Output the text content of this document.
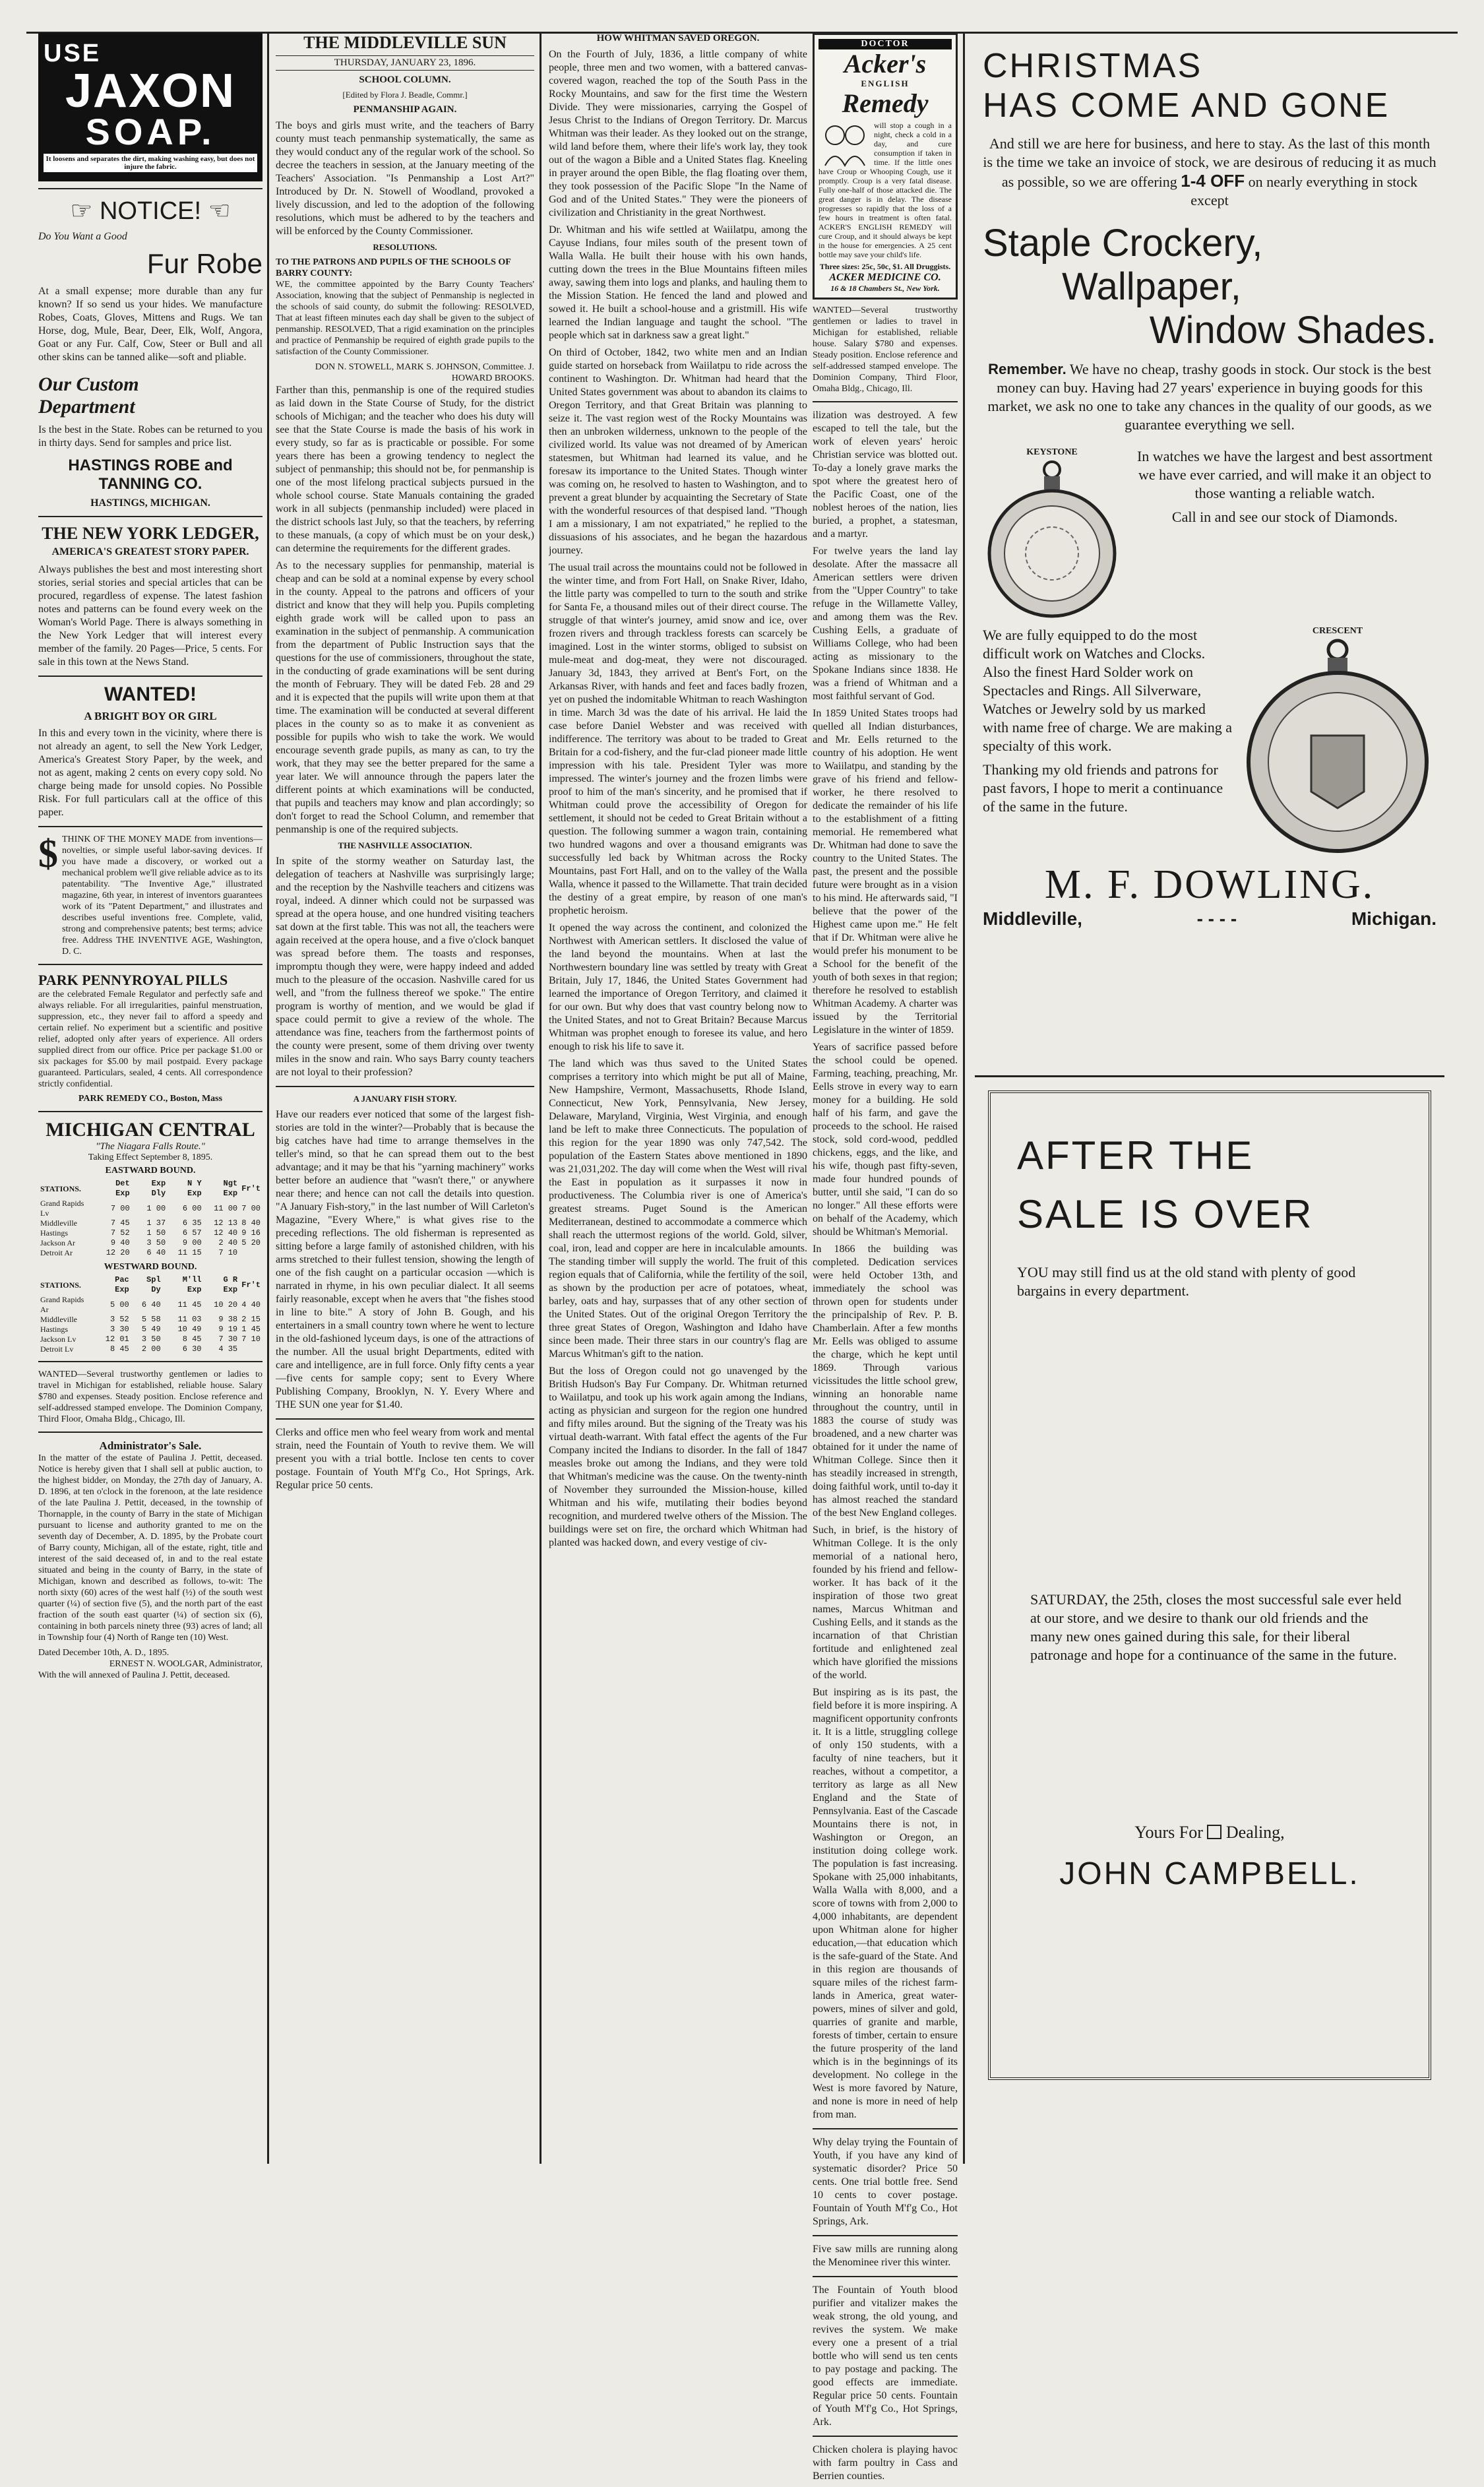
USE
JAXON
SOAP.
It loosens and separates the dirt, making washing easy, but does not injure the fabric.
☞ NOTICE! ☜
Do You Want a Good
Fur Robe

At a small expense; more durable than any fur known? If so send us your hides. We manufacture Robes, Coats, Gloves, Mittens and Rugs. We tan Horse, dog, Mule, Bear, Deer, Elk, Wolf, Angora, Goat or any Fur. Calf, Cow, Steer or Bull and all other skins can be tanned alike—soft and pliable.

Our Custom
Department

Is the best in the State. Robes can be returned to you in thirty days. Send for samples and price list.

HASTINGS ROBE and TANNING CO.
HASTINGS, MICHIGAN.
THE NEW YORK LEDGER,
AMERICA'S GREATEST STORY PAPER.

Always publishes the best and most interesting short stories, serial stories and special articles that can be procured, regardless of expense. The latest fashion notes and patterns can be found every week on the Woman's World Page. There is always something in the New York Ledger that will interest every member of the family. 20 Pages—Price, 5 cents. For sale in this town at the News Stand.

WANTED!
A BRIGHT BOY OR GIRL

In this and every town in the vicinity, where there is not already an agent, to sell the New York Ledger, America's Greatest Story Paper, by the week, and not as agent, making 2 cents on every copy sold. No charge being made for unsold copies. No Possible Risk. For full particulars call at the office of this paper.

$ THINK OF THE MONEY MADE from inventions—novelties, or simple useful labor-saving devices. If you have made a discovery, or worked out a mechanical problem we'll give reliable advice as to its patentability. "The Inventive Age," illustrated magazine, 6th year, in interest of inventors guarantees work of its "Patent Department," and illustrates and describes useful inventions free. Complete, valid, strong and comprehensive patents; best terms; advice free. Address THE INVENTIVE AGE, Washington, D. C.

PARK PENNYROYAL PILLS

are the celebrated Female Regulator and perfectly safe and always reliable. For all irregularities, painful menstruation, suppression, etc., they never fail to afford a speedy and certain relief. No experiment but a scientific and positive relief, adopted only after years of experience. All orders supplied direct from our office. Price per package $1.00 or six packages for $5.00 by mail postpaid. Every package guaranteed. Particulars, sealed, 4 cents. All correspondence strictly confidential.

PARK REMEDY CO., Boston, Mass
MICHIGAN CENTRAL
"The Niagara Falls Route."
Taking Effect September 8, 1895.
EASTWARD BOUND.
STATIONS.	Det Exp	Exp Dly	N Y Exp	Ngt Exp	Fr't
Grand Rapids Lv	7 00	1 00	6 00	11 00	7 00
Middleville	7 45	1 37	6 35	12 13	8 40
Hastings	7 52	1 50	6 57	12 40	9 16
Jackson Ar	9 40	3 50	9 00	2 40	5 20
Detroit Ar	12 20	6 40	11 15	7 10	
WESTWARD BOUND.
STATIONS.	Pac Exp	Spl Dy	M'll Exp	G R Exp	Fr't
Grand Rapids Ar	5 00	6 40	11 45	10 20	4 40
Middleville	3 52	5 58	11 03	9 38	2 15
Hastings	3 30	5 49	10 49	9 19	1 45
Jackson Lv	12 01	3 50	8 45	7 30	7 10
Detroit Lv	8 45	2 00	6 30	4 35	

WANTED—Several trustworthy gentlemen or ladies to travel in Michigan for established, reliable house. Salary $780 and expenses. Steady position. Enclose reference and self-addressed stamped envelope. The Dominion Company, Third Floor, Omaha Bldg., Chicago, Ill.

Administrator's Sale.

In the matter of the estate of Paulina J. Pettit, deceased. Notice is hereby given that I shall sell at public auction, to the highest bidder, on Monday, the 27th day of January, A. D. 1896, at ten o'clock in the forenoon, at the late residence of the late Paulina J. Pettit, deceased, in the township of Thornapple, in the county of Barry in the state of Michigan pursuant to license and authority granted to me on the seventh day of December, A. D. 1895, by the Probate court of Barry county, Michigan, all of the estate, right, title and interest of the said deceased of, in and to the real estate situated and being in the county of Barry, in the state of Michigan, known and described as follows, to-wit: The north sixty (60) acres of the west half (½) of the south west quarter (¼) of section five (5), and the north part of the east fraction of the south east quarter (¼) of section six (6), containing in both parcels ninety three (93) acres of land; all in Township four (4) North of Range ten (10) West.

Dated December 10th, A. D., 1895.
ERNEST N. WOOLGAR, Administrator,
With the will annexed of Paulina J. Pettit, deceased.
THE MIDDLEVILLE SUN
THURSDAY, JANUARY 23, 1896.
SCHOOL COLUMN.
[Edited by Flora J. Beadle, Commr.]
PENMANSHIP AGAIN.

The boys and girls must write, and the teachers of Barry county must teach penmanship systematically, the same as they would conduct any of the regular work of the school. So decree the teachers in session, at the January meeting of the Teachers' Association. "Is Penmanship a Lost Art?" Introduced by Dr. N. Stowell of Woodland, provoked a lively discussion, and led to the adoption of the following resolutions, which must be adhered to by the teachers and will be enforced by the County Commissioner.

RESOLUTIONS.
TO THE PATRONS AND PUPILS OF THE SCHOOLS OF BARRY COUNTY:

WE, the committee appointed by the Barry County Teachers' Association, knowing that the subject of Penmanship is neglected in the schools of said county, do submit the following: RESOLVED, That at least fifteen minutes each day shall be given to the subject of penmanship. RESOLVED, That a rigid examination on the principles and practice of Penmanship be required of eighth grade pupils to the satisfaction of the County Commissioner.

DON N. STOWELL, MARK S. JOHNSON, Committee. J. HOWARD BROOKS.

Farther than this, penmanship is one of the required studies as laid down in the State Course of Study, for the district schools of Michigan; and the teacher who does his duty will see that the State Course is made the basis of his work in every study, so far as is practicable or possible. For some years there has been a growing tendency to neglect the subject of penmanship; this should not be, for penmanship is one of the most lifelong practical subjects pursued in the whole school course. State Manuals containing the graded work in all subjects (penmanship included) were placed in the district schools last July, so that the teachers, by referring to these manuals, (a copy of which must be on your desk,) can determine the requirements for the different grades.

As to the necessary supplies for penmanship, material is cheap and can be sold at a nominal expense by every school in the county. Appeal to the patrons and officers of your district and know that they will help you. Pupils completing eighth grade work will be called upon to pass an examination in the subject of penmanship. A communication from the department of Public Instruction says that the questions for the use of commissioners, throughout the state, in the conducting of grade examinations will be sent during the month of February. They will be dated Feb. 28 and 29 and it is expected that the pupils will write upon them at that time. The examination will be conducted at several different places in the county so as to make it as convenient as possible for pupils who wish to take the work. We would encourage seventh grade pupils, as many as can, to try the work, that they may see the better prepared for the same a year later. We will announce through the papers later the different points at which examinations will be conducted, that pupils and teachers may know and plan accordingly; so don't forget to read the School Column, and remember that penmanship is one of the required subjects.

THE NASHVILLE ASSOCIATION.

In spite of the stormy weather on Saturday last, the delegation of teachers at Nashville was surprisingly large; and the reception by the Nashville teachers and citizens was royal, indeed. A dinner which could not be surpassed was spread at the opera house, and one hundred visiting teachers sat down at the first table. This was not all, the teachers were again received at the opera house, and a five o'clock banquet was spread before them. The toasts and responses, impromptu though they were, were happy indeed and added much to the pleasure of the occasion. Nashville cared for us well, and "from the fullness thereof we spoke." The entire program is worthy of mention, and we would be glad if space could permit to give a review of the whole. The attendance was fine, teachers from the farthermost points of the county were present, some of them driving over twenty miles in the snow and rain. Who says Barry county teachers are not loyal to their profession?

A JANUARY FISH STORY.

Have our readers ever noticed that some of the largest fish-stories are told in the winter?—Probably that is because the big catches have had time to arrange themselves in the teller's mind, so that he can spread them out to the best advantage; and it may be that his "yarning machinery" works better before an audience that "wasn't there," or anywhere near there; and hence can not call the details into question. "A January Fish-story," in the last number of Will Carleton's Magazine, "Every Where," is what gives rise to the preceding reflections. The old fisherman is represented as sitting before a large family of astonished children, with his arms stretched to their fullest tension, showing the length of one of the fish caught on a particular occasion —which is narrated in rhyme, in his own peculiar dialect. It all seems fairly reasonable, except when he avers that "the fishes stood in line to bite." A story of John B. Gough, and his entertainers in a small country town where he went to lecture in the old-fashioned lyceum days, is one of the attractions of the number. All the usual bright Departments, edited with care and intelligence, are in full force. Only fifty cents a year—five cents for sample copy; sent to Every Where Publishing Company, Brooklyn, N. Y. Every Where and THE SUN one year for $1.40.

Clerks and office men who feel weary from work and mental strain, need the Fountain of Youth to revive them. We will present you with a trial bottle. Inclose ten cents to cover postage. Fountain of Youth M'f'g Co., Hot Springs, Ark. Regular price 50 cents.

HOW WHITMAN SAVED OREGON.

On the Fourth of July, 1836, a little company of white people, three men and two women, with a battered canvas-covered wagon, reached the top of the South Pass in the Rocky Mountains, and saw for the first time the Western Divide. They were missionaries, carrying the Gospel of Jesus Christ to the Indians of Oregon Territory. Dr. Marcus Whitman was their leader. As they looked out on the strange, wild land before them, where their life's work lay, they took out of the wagon a Bible and a United States flag. Kneeling in prayer around the open Bible, the flag floating over them, they took possession of the Pacific Slope "In the Name of God and of the United States." They were the pioneers of civilization and Christianity in the great Northwest.

Dr. Whitman and his wife settled at Waiilatpu, among the Cayuse Indians, four miles south of the present town of Walla Walla. He built their house with his own hands, cutting down the trees in the Blue Mountains fifteen miles away, sawing them into logs and planks, and hauling them to the Mission Station. He fenced the land and plowed and sowed it. He built a school-house and a gristmill. His wife learned the Indian language and taught the school. "The people which sat in darkness saw a great light."

On third of October, 1842, two white men and an Indian guide started on horseback from Waiilatpu to ride across the continent to Washington. Dr. Whitman had heard that the United States government was about to abandon its claims to Oregon Territory, and that Great Britain was planning to seize it. The vast region west of the Rocky Mountains was then an unbroken wilderness, unknown to the people of the civilized world. Its value was not dreamed of by American statesmen, but Whitman had learned its value, and he foresaw its importance to the United States. Though winter was coming on, he resolved to hasten to Washington, and to prevent a great blunder by acquainting the Secretary of State with the wonderful resources of that despised land. "Though I am a missionary, I am not expatriated," he replied to the dissuasions of his associates, and he began the hazardous journey.

The usual trail across the mountains could not be followed in the winter time, and from Fort Hall, on Snake River, Idaho, the little party was compelled to turn to the south and strike for Santa Fe, a thousand miles out of their direct course. The struggle of that winter's journey, amid snow and ice, over frozen rivers and through trackless forests can scarcely be imagined. Lost in the winter storms, obliged to subsist on mule-meat and dog-meat, they were not discouraged. January 3d, 1843, they arrived at Bent's Fort, on the Arkansas River, with hands and feet and faces badly frozen, yet on pushed the indomitable Whitman to reach Washington in time. March 3d was the date of his arrival. He laid the case before Daniel Webster and was received with indifference. The territory was about to be traded to Great Britain for a cod-fishery, and the fur-clad pioneer made little impression with his tale. President Tyler was more impressed. The winter's journey and the frozen limbs were proof to him of the man's sincerity, and he promised that if Whitman could prove the accessibility of Oregon for settlement, it should not be ceded to Great Britain without a question. The following summer a wagon train, containing two hundred wagons and over a thousand emigrants was successfully led back by Whitman across the Rocky Mountains, past Fort Hall, and on to the valley of the Walla Walla, whence it passed to the Willamette. That train decided the destiny of a great empire, by reason of one man's prophetic heroism.

It opened the way across the continent, and colonized the Northwest with American settlers. It disclosed the value of the land beyond the mountains. When at last the Northwestern boundary line was settled by treaty with Great Britain, July 17, 1846, the United States Government had learned the importance of Oregon Territory, and claimed it for our own. But why does that vast country belong now to the United States, and not to Great Britain? Because Marcus Whitman was prophet enough to foresee its value, and hero enough to risk his life to save it.

The land which was thus saved to the United States comprises a territory into which might be put all of Maine, New Hampshire, Vermont, Massachusetts, Rhode Island, Connecticut, New York, Pennsylvania, New Jersey, Delaware, Maryland, Virginia, West Virginia, and enough land be left to make three Connecticuts. The population of this region for the year 1890 was only 747,542. The population of the Eastern States above mentioned in 1890 was 21,031,202. The day will come when the West will rival the East in population as it surpasses it now in productiveness. The Columbia river is one of America's greatest streams. Puget Sound is the American Mediterranean, destined to accommodate a commerce which shall reach the uttermost regions of the world. Gold, silver, coal, iron, lead and copper are here in incalculable amounts. The standing timber will supply the world. The fruit of this region equals that of California, while the fertility of the soil, as shown by the production per acre of potatoes, wheat, barley, oats and hay, surpasses that of any other section of the United States. Out of the original Oregon Territory the three great States of Oregon, Washington and Idaho have since been made. Their three stars in our country's flag are Marcus Whitman's gift to the nation.

But the loss of Oregon could not go unavenged by the British Hudson's Bay Fur Company. Dr. Whitman returned to Waiilatpu, and took up his work again among the Indians, acting as physician and surgeon for the region one hundred and fifty miles around. But the signing of the Treaty was his virtual death-warrant. With fatal effect the agents of the Fur Company incited the Indians to disorder. In the fall of 1847 measles broke out among the Indians, and they were told that Whitman's medicine was the cause. On the twenty-ninth of November they surrounded the Mission-house, killed Whitman and his wife, mutilating their bodies beyond recognition, and murdered twelve others of the Mission. The buildings were set on fire, the orchard which Whitman had planted was hacked down, and every vestige of civ-

DOCTOR
Acker's
ENGLISH
Remedy

will stop a cough in a night, check a cold in a day, and cure consumption if taken in time. If the little ones have Croup or Whooping Cough, use it promptly. Croup is a very fatal disease. Fully one-half of those attacked die. The great danger is in delay. The disease progresses so rapidly that the loss of a few hours in treatment is often fatal. ACKER'S ENGLISH REMEDY will cure Croup, and it should always be kept in the house for emergencies. A 25 cent bottle may save your child's life.

Three sizes: 25c, 50c, $1. All Druggists.
ACKER MEDICINE CO.
16 & 18 Chambers St., New York.

WANTED—Several trustworthy gentlemen or ladies to travel in Michigan for established, reliable house. Salary $780 and expenses. Steady position. Enclose reference and self-addressed stamped envelope. The Dominion Company, Third Floor, Omaha Bldg., Chicago, Ill.

ilization was destroyed. A few escaped to tell the tale, but the work of eleven years' heroic Christian service was blotted out. To-day a lonely grave marks the spot where the greatest hero of the Pacific Coast, one of the noblest heroes of the nation, lies buried, a prophet, a statesman, and a martyr.

For twelve years the land lay desolate. After the massacre all American settlers were driven from the "Upper Country" to take refuge in the Willamette Valley, and among them was the Rev. Cushing Eells, a graduate of Williams College, who had been acting as missionary to the Spokane Indians since 1838. He was a friend of Whitman and a most faithful servant of God.

In 1859 United States troops had quelled all Indian disturbances, and Mr. Eells returned to the country of his adoption. He went to Waiilatpu, and standing by the grave of his friend and fellow-worker, he there resolved to dedicate the remainder of his life to the establishment of a fitting memorial. He remembered what Dr. Whitman had done to save the country to the United States. The past, the present and the possible future were brought as in a vision to his mind. He afterwards said, "I believe that the power of the Highest came upon me." He felt that if Dr. Whitman were alive he would prefer his monument to be a School for the benefit of the youth of both sexes in that region; therefore he resolved to establish Whitman Academy. A charter was issued by the Territorial Legislature in the winter of 1859.

Years of sacrifice passed before the school could be opened. Farming, teaching, preaching, Mr. Eells strove in every way to earn money for a building. He sold half of his farm, and gave the proceeds to the school. He raised stock, sold cord-wood, peddled chickens, eggs, and the like, and his wife, though past fifty-seven, made four hundred pounds of butter, until she said, "I can do so no longer." All these efforts were on behalf of the Academy, which should be Whitman's Memorial.

In 1866 the building was completed. Dedication services were held October 13th, and immediately the school was thrown open for students under the principalship of Rev. P. B. Chamberlain. After a few months Mr. Eells was obliged to assume the charge, which he kept until 1869. Through various vicissitudes the little school grew, winning an honorable name throughout the country, until in 1883 the course of study was broadened, and a new charter was obtained for it under the name of Whitman College. Since then it has steadily increased in strength, doing faithful work, until to-day it has almost reached the standard of the best New England colleges.

Such, in brief, is the history of Whitman College. It is the only memorial of a national hero, founded by his friend and fellow-worker. It has back of it the inspiration of those two great names, Marcus Whitman and Cushing Eells, and it stands as the incarnation of that Christian fortitude and enlightened zeal which have glorified the missions of the world.

But inspiring as is its past, the field before it is more inspiring. A magnificent opportunity confronts it. It is a little, struggling college of only 150 students, with a faculty of nine teachers, but it reaches, without a competitor, a territory as large as all New England and the State of Pennsylvania. East of the Cascade Mountains there is not, in Washington or Oregon, an institution doing college work. The population is fast increasing. Spokane with 25,000 inhabitants, Walla Walla with 8,000, and a score of towns with from 2,000 to 4,000 inhabitants, are dependent upon Whitman alone for higher education,—that education which is the safe-guard of the State. And in this region are thousands of square miles of the richest farm-lands in America, great water-powers, mines of silver and gold, quarries of granite and marble, forests of timber, certain to ensure the future prosperity of the land which is in the beginnings of its development. No college in the West is more favored by Nature, and none is more in need of help from man.

Why delay trying the Fountain of Youth, if you have any kind of systematic disorder? Price 50 cents. One trial bottle free. Send 10 cents to cover postage. Fountain of Youth M'f'g Co., Hot Springs, Ark.

Five saw mills are running along the Menominee river this winter.

The Fountain of Youth blood purifier and vitalizer makes the weak strong, the old young, and revives the system. We make every one a present of a trial bottle who will send us ten cents to pay postage and packing. The good effects are immediate. Regular price 50 cents. Fountain of Youth M'f'g Co., Hot Springs, Ark.

Chicken cholera is playing havoc with farm poultry in Cass and Berrien counties.

CHRISTMAS
HAS COME AND GONE
And still we are here for business, and here to stay. As the last of this month is the time we take an invoice of stock, we are desirous of reducing it as much as possible, so we are offering 1-4 OFF on nearly everything in stock except
Staple Crockery,
Wallpaper,
Window Shades.
Remember. We have no cheap, trashy goods in stock. Our stock is the best money can buy. Having had 27 years' experience in buying goods for this market, we ask no one to take any chances in the quality of our goods, as we guarantee everything we sell.
KEYSTONE	In watches we have the largest and best assortment we have ever carried, and will make it an object to those wanting a reliable watch.
Call in and see our stock of Diamonds.
We are fully equipped to do the most difficult work on Watches and Clocks. Also the finest Hard Solder work on Spectacles and Rings. All Silverware, Watches or Jewelry sold by us marked with name free of charge. We are making a specialty of this work.
Thanking my old friends and patrons for past favors, I hope to merit a continuance of the same in the future.
CRESCENT
M. F. DOWLING.
Middleville,	- - - -	Michigan.
AFTER THE
SALE IS OVER
YOU may still find us at the old stand with plenty of good bargains in every department.
SATURDAY, the 25th, closes the most successful sale ever held at our store, and we desire to thank our old friends and the many new ones gained during this sale, for their liberal patronage and hope for a continuance of the same in the future.
Yours For Dealing,
JOHN CAMPBELL.
